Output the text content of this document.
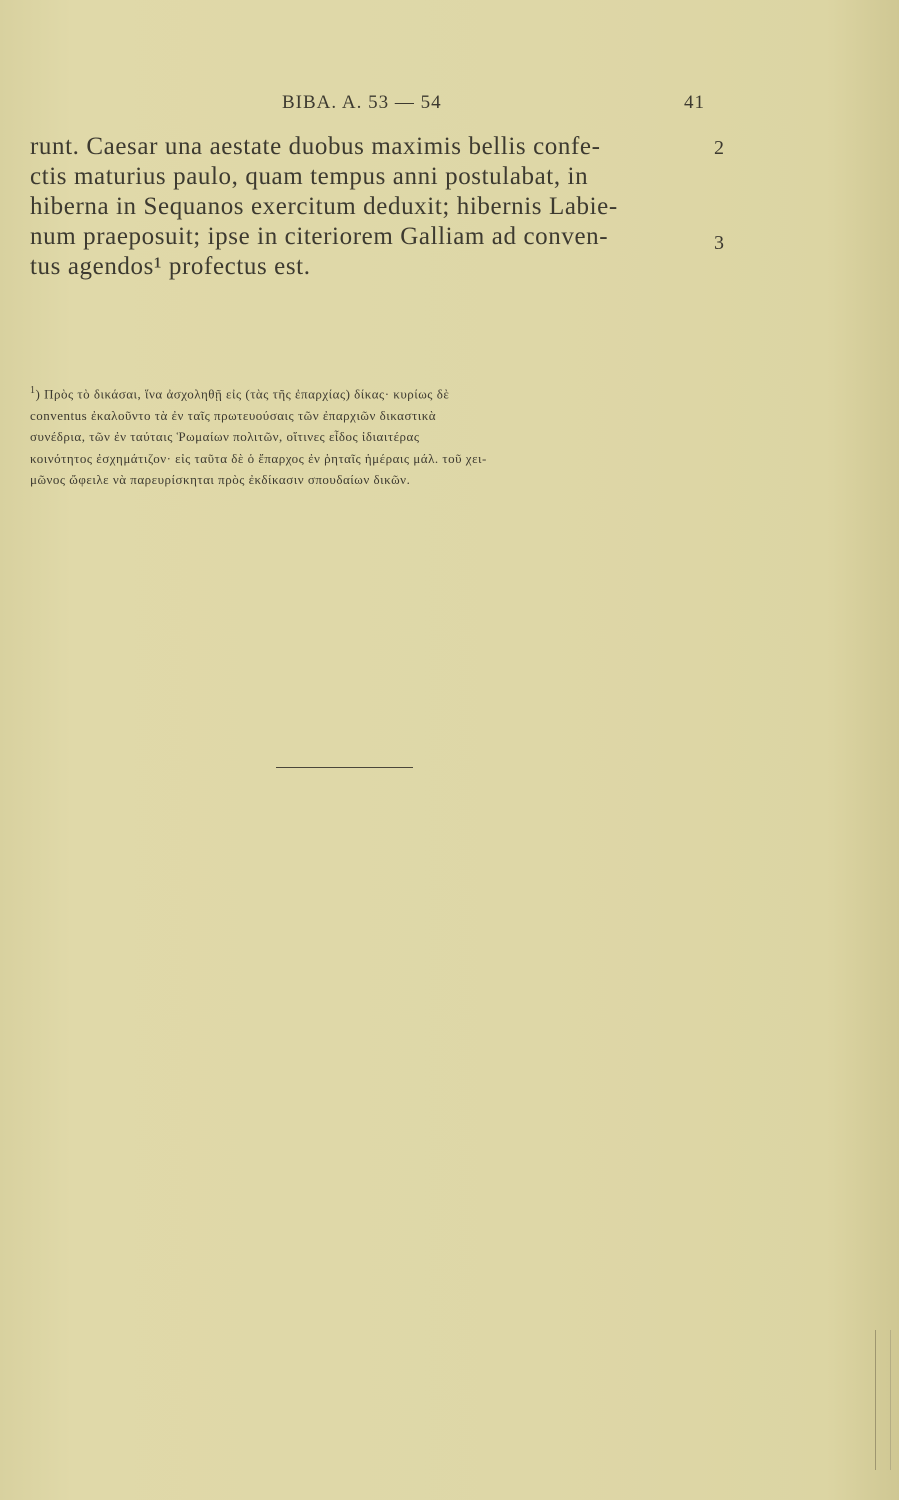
BIBA. A. 53 — 54	41
runt. Caesar una aestate duobus maximis bellis confe-
ctis maturius paulo, quam tempus anni postulabat, in
hiberna in Sequanos exercitum deduxit; hibernis Labie-
num praeposuit; ipse in citeriorem Galliam ad conven-
tus agendos¹ profectus est.
2
3
$^1$) Πρὸς τὸ δικάσαι, ἵνα ἀσχοληθῇ εἰς (τὰς τῆς ἐπαρχίας) δίκας· κυρίως δὲ
conventus ἐκαλοῦντο τὰ ἐν ταῖς πρωτευούσαις τῶν ἐπαρχιῶν δικαστικὰ
συνέδρια, τῶν ἐν ταύταις Ῥωμαίων πολιτῶν, οἵτινες εἶδος ἰδιαιτέρας
κοινότητος ἐσχημάτιζον· εἰς ταῦτα δὲ ὁ ἔπαρχος ἐν ῥηταῖς ἡμέραις μάλ. τοῦ χει-
μῶνος ὤφειλε νὰ παρευρίσκηται πρὸς ἐκδίκασιν σπουδαίων δικῶν.
